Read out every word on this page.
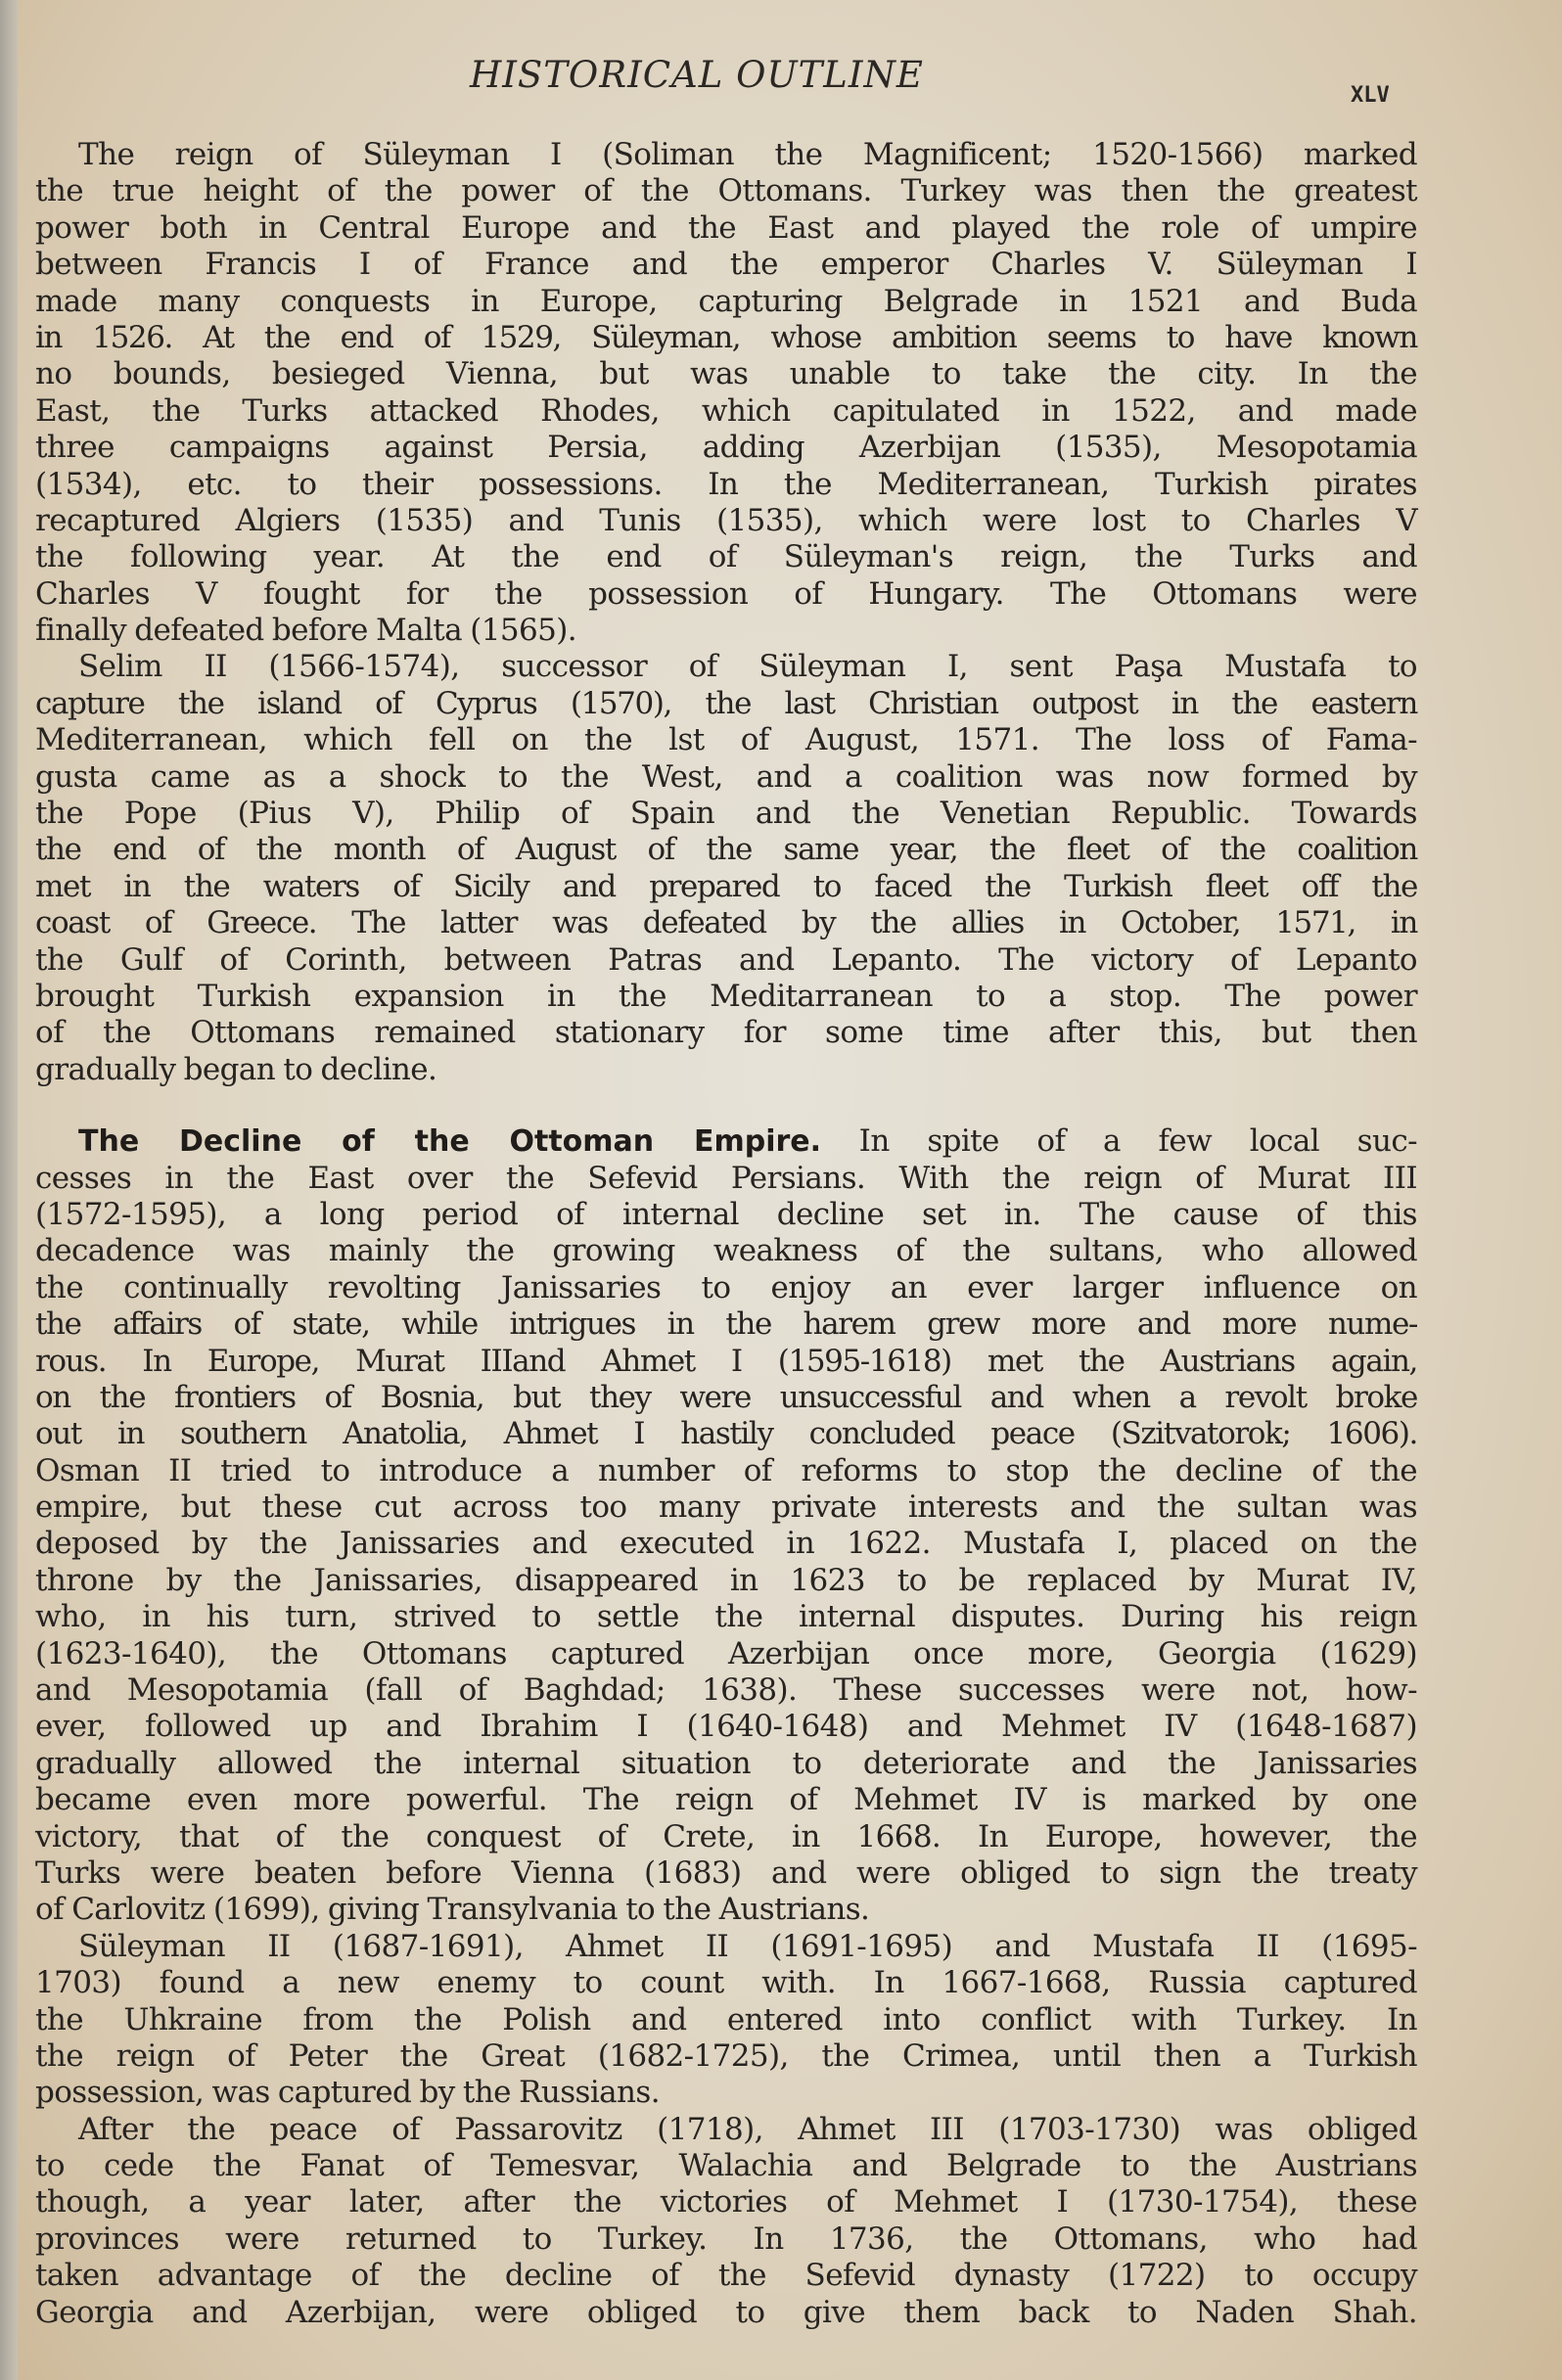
HISTORICAL OUTLINE	XLV
The reign of Süleyman I (Soliman the Magnificent; 1520-1566) marked
the true height of the power of the Ottomans. Turkey was then the greatest
power both in Central Europe and the East and played the role of umpire
between Francis I of France and the emperor Charles V. Süleyman I
made many conquests in Europe, capturing Belgrade in 1521 and Buda
in 1526. At the end of 1529, Süleyman, whose ambition seems to have known
no bounds, besieged Vienna, but was unable to take the city. In the
East, the Turks attacked Rhodes, which capitulated in 1522, and made
three campaigns against Persia, adding Azerbijan (1535), Mesopotamia
(1534), etc. to their possessions. In the Mediterranean, Turkish pirates
recaptured Algiers (1535) and Tunis (1535), which were lost to Charles V
the following year. At the end of Süleyman's reign, the Turks and
Charles V fought for the possession of Hungary. The Ottomans were
finally defeated before Malta (1565).
Selim II (1566-1574), successor of Süleyman I, sent Paşa Mustafa to
capture the island of Cyprus (1570), the last Christian outpost in the eastern
Mediterranean, which fell on the lst of August, 1571. The loss of Fama-
gusta came as a shock to the West, and a coalition was now formed by
the Pope (Pius V), Philip of Spain and the Venetian Republic. Towards
the end of the month of August of the same year, the fleet of the coalition
met in the waters of Sicily and prepared to faced the Turkish fleet off the
coast of Greece. The latter was defeated by the allies in October, 1571, in
the Gulf of Corinth, between Patras and Lepanto. The victory of Lepanto
brought Turkish expansion in the Meditarranean to a stop. The power
of the Ottomans remained stationary for some time after this, but then
gradually began to decline.
The Decline of the Ottoman Empire. In spite of a few local suc-
cesses in the East over the Sefevid Persians. With the reign of Murat III
(1572-1595), a long period of internal decline set in. The cause of this
decadence was mainly the growing weakness of the sultans, who allowed
the continually revolting Janissaries to enjoy an ever larger influence on
the affairs of state, while intrigues in the harem grew more and more nume-
rous. In Europe, Murat IIIand Ahmet I (1595-1618) met the Austrians again,
on the frontiers of Bosnia, but they were unsuccessful and when a revolt broke
out in southern Anatolia, Ahmet I hastily concluded peace (Szitvatorok; 1606).
Osman II tried to introduce a number of reforms to stop the decline of the
empire, but these cut across too many private interests and the sultan was
deposed by the Janissaries and executed in 1622. Mustafa I, placed on the
throne by the Janissaries, disappeared in 1623 to be replaced by Murat IV,
who, in his turn, strived to settle the internal disputes. During his reign
(1623-1640), the Ottomans captured Azerbijan once more, Georgia (1629)
and Mesopotamia (fall of Baghdad; 1638). These successes were not, how-
ever, followed up and Ibrahim I (1640-1648) and Mehmet IV (1648-1687)
gradually allowed the internal situation to deteriorate and the Janissaries
became even more powerful. The reign of Mehmet IV is marked by one
victory, that of the conquest of Crete, in 1668. In Europe, however, the
Turks were beaten before Vienna (1683) and were obliged to sign the treaty
of Carlovitz (1699), giving Transylvania to the Austrians.
Süleyman II (1687-1691), Ahmet II (1691-1695) and Mustafa II (1695-
1703) found a new enemy to count with. In 1667-1668, Russia captured
the Uhkraine from the Polish and entered into conflict with Turkey. In
the reign of Peter the Great (1682-1725), the Crimea, until then a Turkish
possession, was captured by the Russians.
After the peace of Passarovitz (1718), Ahmet III (1703-1730) was obliged
to cede the Fanat of Temesvar, Walachia and Belgrade to the Austrians
though, a year later, after the victories of Mehmet I (1730-1754), these
provinces were returned to Turkey. In 1736, the Ottomans, who had
taken advantage of the decline of the Sefevid dynasty (1722) to occupy
Georgia and Azerbijan, were obliged to give them back to Naden Shah.
